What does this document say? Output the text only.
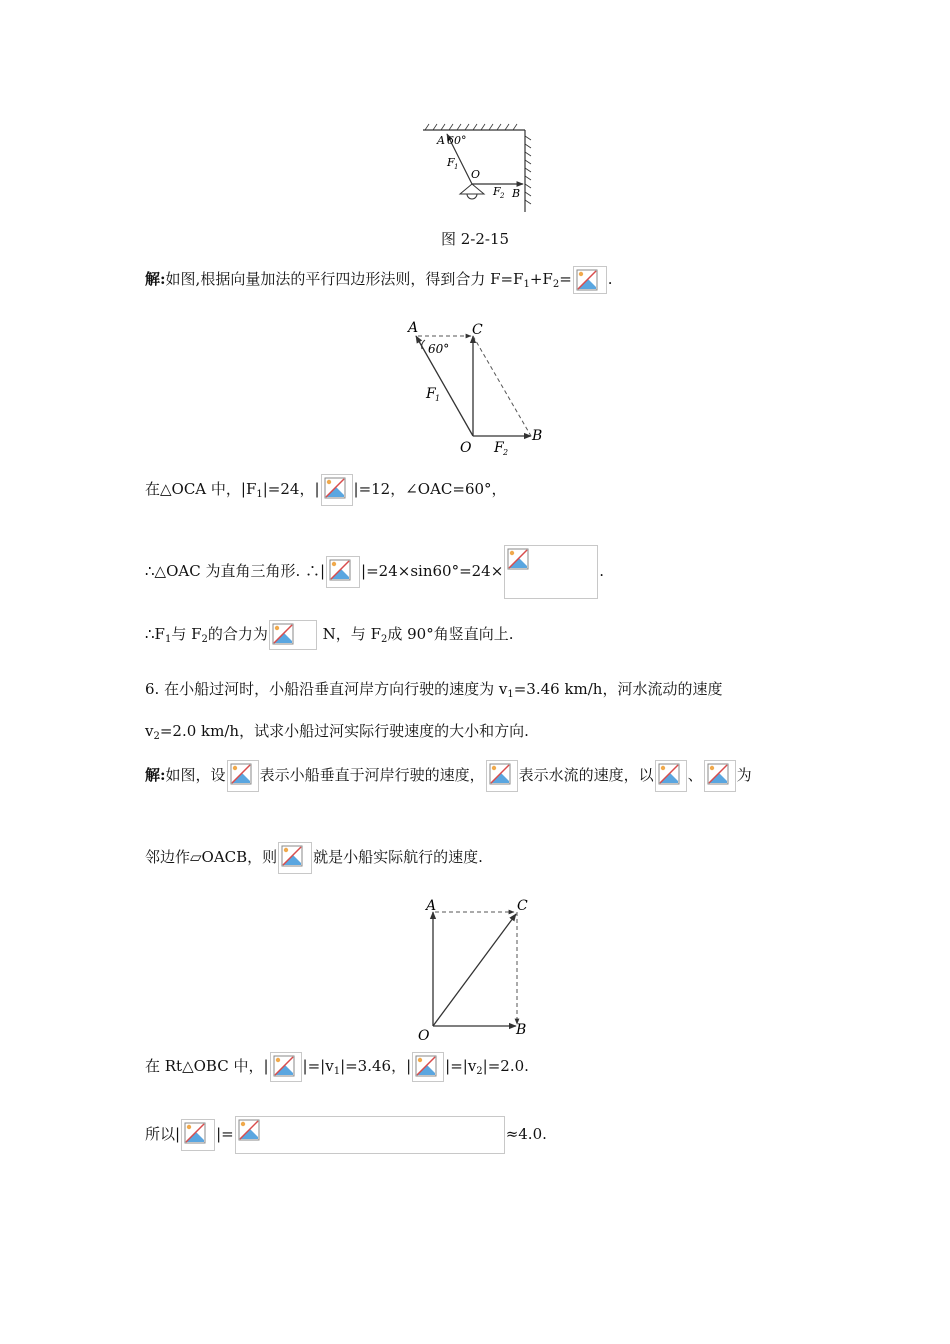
A 60°
F 1
O
F 2 B
图 2-2-15
解:如图,根据向量加法的平行四边形法则，得到合力 $F=F_1+F_2=$ .
A	C
60°
F 1
O F 2
B
在△OCA 中，$|F_1|=24$，| |=12，∠OAC=60°，
∴△OAC 为直角三角形. ∴| |=24×sin60°=24×	.
$\therefore F_1$与 $F_2$的合力为	N，与 $F_2$成 90°角竖直向上.
6. 在小船过河时，小船沿垂直河岸方向行驶的速度为 $v_1=3.46$ km/h，河水流动的速度
$v_2=2.0$ km/h，试求小船过河实际行驶速度的大小和方向.
解:如图，设 表示小船垂直于河岸行驶的速度， 表示水流的速度，以 、 为
邻边作▱OACB，则 就是小船实际航行的速度.
A	C
O	B
在 Rt△OBC 中，| $|=|v_1|=3.46$，| $|=|v_2|=2.0$.
所以| |=	≈4.0.
